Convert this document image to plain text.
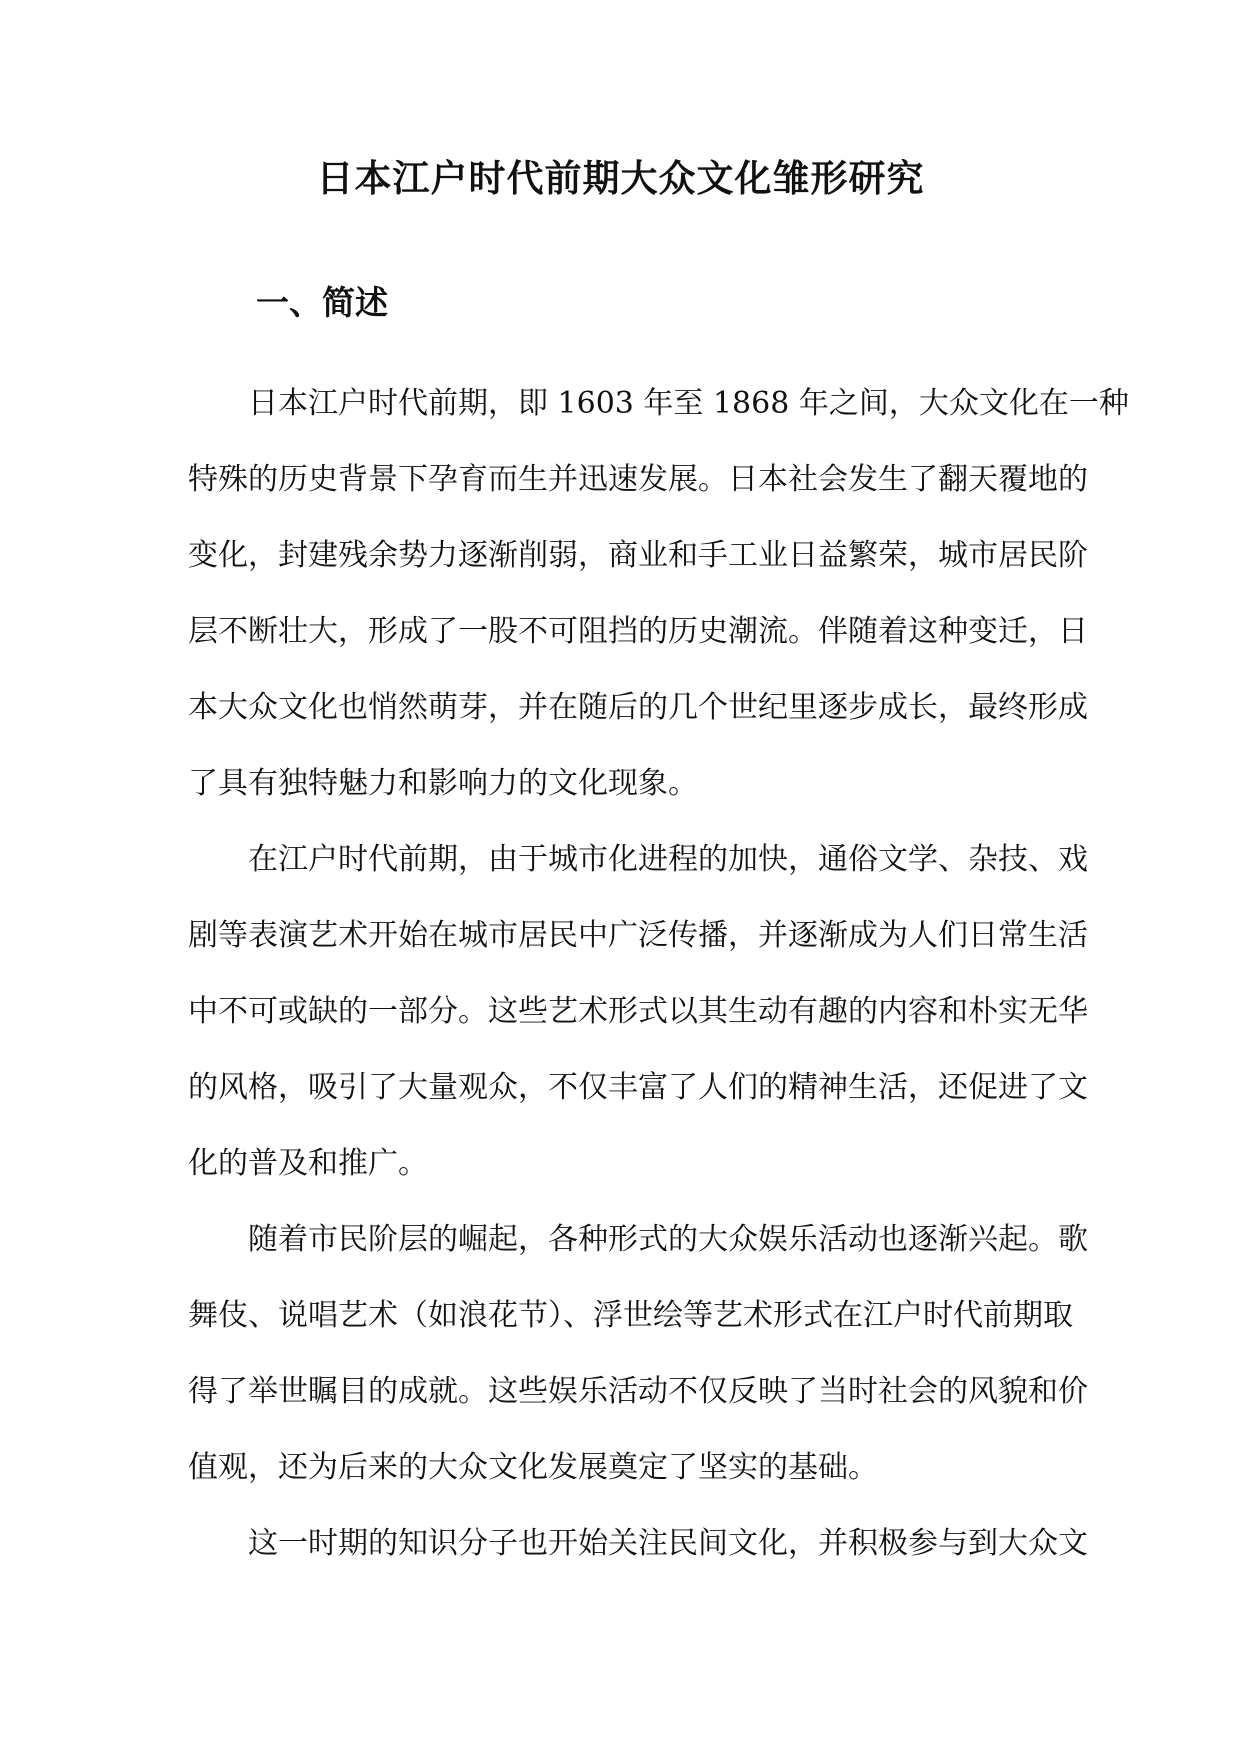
日本江户时代前期大众文化雏形研究
一、简述
日本江户时代前期，即 1603 年至 1868 年之间，大众文化在一种
特殊的历史背景下孕育而生并迅速发展。日本社会发生了翻天覆地的
变化，封建残余势力逐渐削弱，商业和手工业日益繁荣，城市居民阶
层不断壮大，形成了一股不可阻挡的历史潮流。伴随着这种变迁，日
本大众文化也悄然萌芽，并在随后的几个世纪里逐步成长，最终形成
了具有独特魅力和影响力的文化现象。
在江户时代前期，由于城市化进程的加快，通俗文学、杂技、戏
剧等表演艺术开始在城市居民中广泛传播，并逐渐成为人们日常生活
中不可或缺的一部分。这些艺术形式以其生动有趣的内容和朴实无华
的风格，吸引了大量观众，不仅丰富了人们的精神生活，还促进了文
化的普及和推广。
随着市民阶层的崛起，各种形式的大众娱乐活动也逐渐兴起。歌
舞伎、说唱艺术（如浪花节）、浮世绘等艺术形式在江户时代前期取
得了举世瞩目的成就。这些娱乐活动不仅反映了当时社会的风貌和价
值观，还为后来的大众文化发展奠定了坚实的基础。
这一时期的知识分子也开始关注民间文化，并积极参与到大众文
